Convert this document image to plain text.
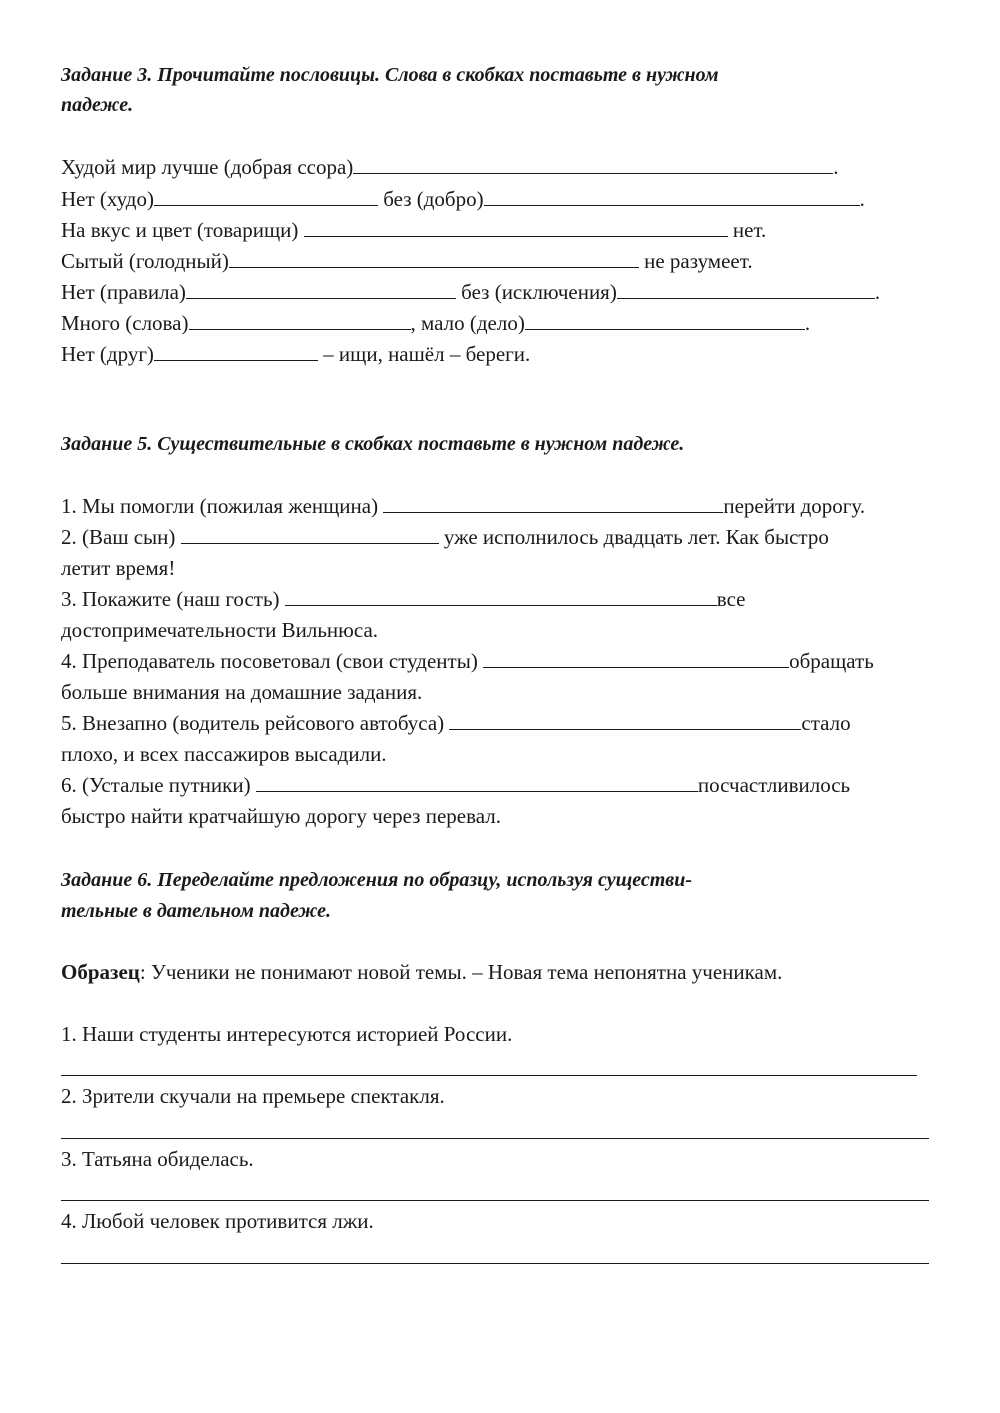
Задание 3. Прочитайте пословицы. Слова в скобках поставьте в нужном
падеже.
Худой мир лучше (добрая ссора)	.
Нет (худо)	без (добро)	.
На вкус и цвет (товарищи)	нет.
Сытый (голодный)	не разумеет.
Нет (правила)	без (исключения)	.
Много (слова)	, мало (дело)	.
Нет (друг)	– ищи, нашёл – береги.
Задание 5. Существительные в скобках поставьте в нужном падеже.
1. Мы помогли (пожилая женщина)	перейти дорогу.
2. (Ваш сын)	уже исполнилось двадцать лет. Как быстро
летит время!
3. Покажите (наш гость)	все
достопримечательности Вильнюса.
4. Преподаватель посоветовал (свои студенты)	обращать
больше внимания на домашние задания.
5. Внезапно (водитель рейсового автобуса)	стало
плохо, и всех пассажиров высадили.
6. (Усталые путники)	посчастливилось
быстро найти кратчайшую дорогу через перевал.
Задание 6. Переделайте предложения по образцу, используя существи-
тельные в дательном падеже.
Образец: Ученики не понимают новой темы. – Новая тема непонятна ученикам.
1. Наши студенты интересуются историей России.
2. Зрители скучали на премьере спектакля.
3. Татьяна обиделась.
4. Любой человек противится лжи.
